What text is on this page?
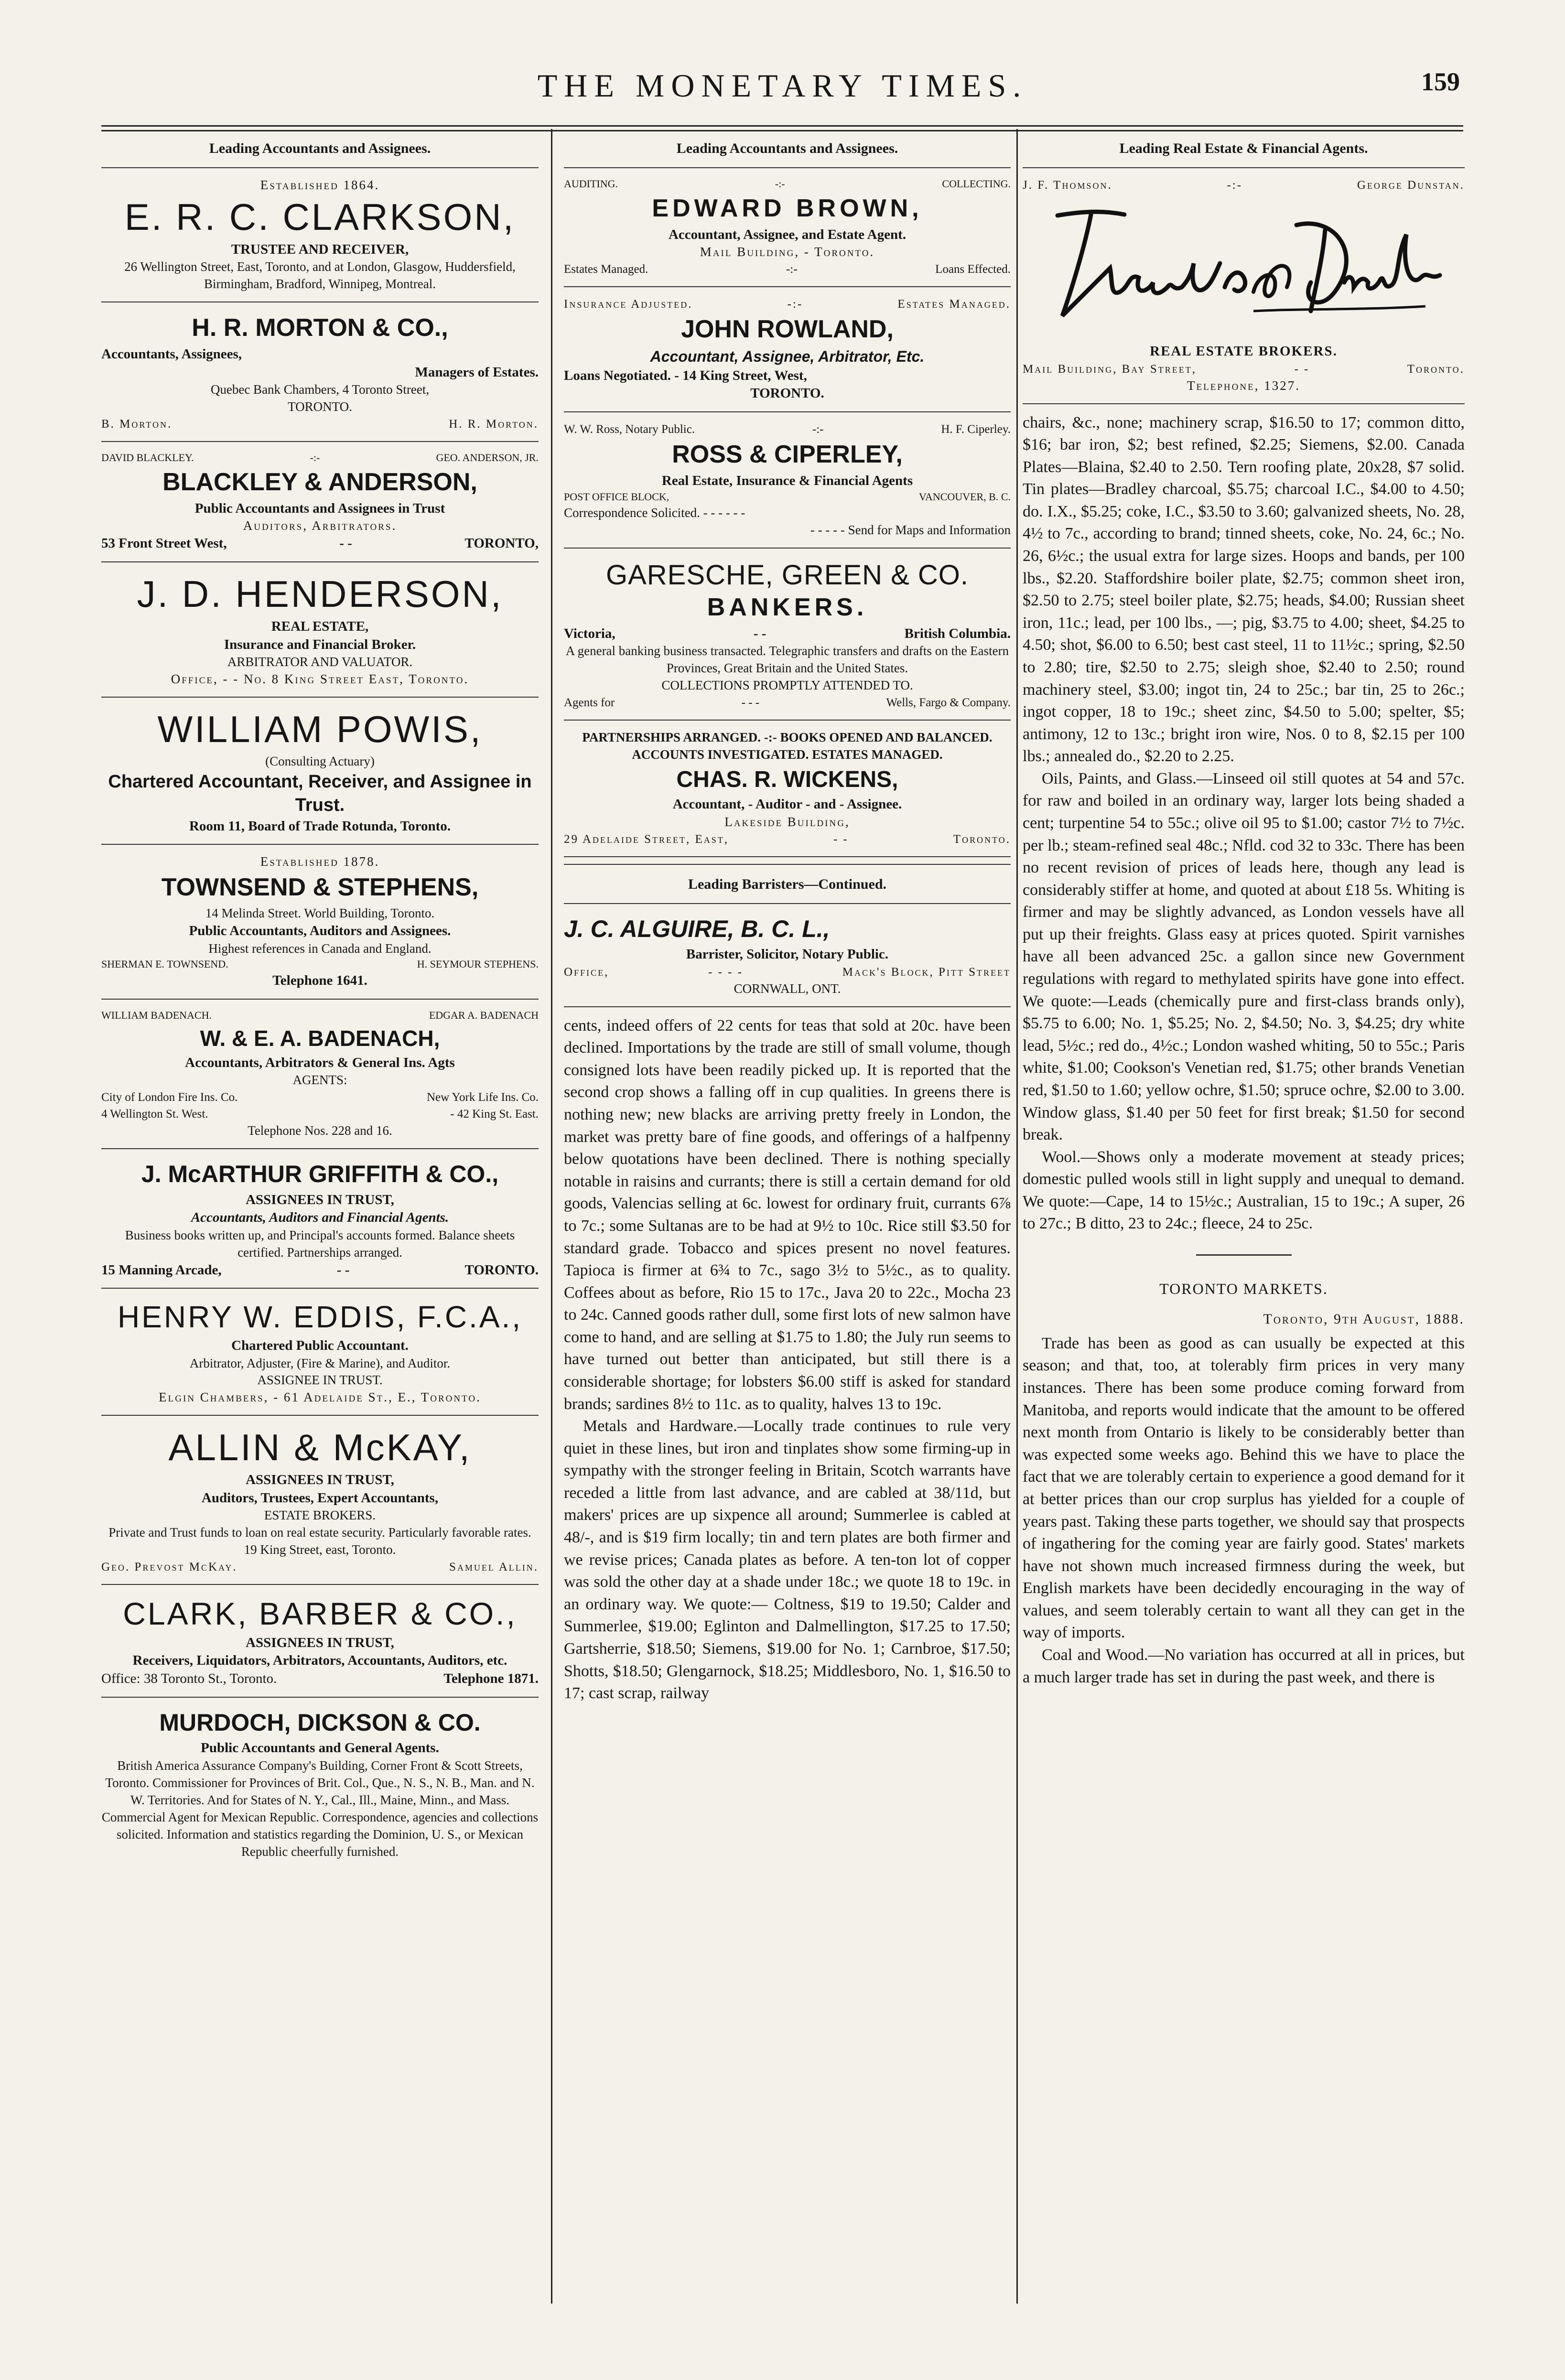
THE MONETARY TIMES.	159
Leading Accountants and Assignees.
Established 1864.
E. R. C. CLARKSON,
TRUSTEE AND RECEIVER,
26 Wellington Street, East, Toronto, and at London, Glasgow, Huddersfield, Birmingham, Bradford, Winnipeg, Montreal.
H. R. MORTON & CO.,
Accountants, Assignees,
Managers of Estates.
Quebec Bank Chambers, 4 Toronto Street,
TORONTO.
B. Morton.	H. R. Morton.
DAVID BLACKLEY.	-:-	GEO. ANDERSON, JR.
BLACKLEY & ANDERSON,
Public Accountants and Assignees in Trust
Auditors, Arbitrators.
53 Front Street West,	- -	TORONTO,
J. D. HENDERSON,
REAL ESTATE,
Insurance and Financial Broker.
ARBITRATOR AND VALUATOR.
Office, - - No. 8 King Street East, Toronto.
WILLIAM POWIS,
(Consulting Actuary)
Chartered Accountant, Receiver, and Assignee in Trust.
Room 11, Board of Trade Rotunda, Toronto.
Established 1878.
TOWNSEND & STEPHENS,
14 Melinda Street. World Building, Toronto.
Public Accountants, Auditors and Assignees.
Highest references in Canada and England.
SHERMAN E. TOWNSEND.	H. SEYMOUR STEPHENS.
Telephone 1641.
WILLIAM BADENACH.	EDGAR A. BADENACH
W. & E. A. BADENACH,
Accountants, Arbitrators & General Ins. Agts
AGENTS:
City of London Fire Ins. Co.	New York Life Ins. Co.
4 Wellington St. West.	- 42 King St. East.
Telephone Nos. 228 and 16.
J. McARTHUR GRIFFITH & CO.,
ASSIGNEES IN TRUST,
Accountants, Auditors and Financial Agents.
Business books written up, and Principal's accounts formed. Balance sheets certified. Partnerships arranged.
15 Manning Arcade,	- -	TORONTO.
HENRY W. EDDIS, F.C.A.,
Chartered Public Accountant.
Arbitrator, Adjuster, (Fire & Marine), and Auditor.
ASSIGNEE IN TRUST.
Elgin Chambers, - 61 Adelaide St., E., Toronto.
ALLIN & McKAY,
ASSIGNEES IN TRUST,
Auditors, Trustees, Expert Accountants,
ESTATE BROKERS.
Private and Trust funds to loan on real estate security. Particularly favorable rates. 19 King Street, east, Toronto.
Geo. Prevost McKay.	Samuel Allin.
CLARK, BARBER & CO.,
ASSIGNEES IN TRUST,
Receivers, Liquidators, Arbitrators, Accountants, Auditors, etc.
Office: 38 Toronto St., Toronto.	Telephone 1871.
MURDOCH, DICKSON & CO.
Public Accountants and General Agents.
British America Assurance Company's Building, Corner Front & Scott Streets, Toronto. Commissioner for Provinces of Brit. Col., Que., N. S., N. B., Man. and N. W. Territories. And for States of N. Y., Cal., Ill., Maine, Minn., and Mass. Commercial Agent for Mexican Republic. Correspondence, agencies and collections solicited. Information and statistics regarding the Dominion, U. S., or Mexican Republic cheerfully furnished.
Leading Accountants and Assignees.
AUDITING.	-:-	COLLECTING.
EDWARD BROWN,
Accountant, Assignee, and Estate Agent.
Mail Building, - Toronto.
Estates Managed.	-:-	Loans Effected.
Insurance Adjusted.	-:-	Estates Managed.
JOHN ROWLAND,
Accountant, Assignee, Arbitrator, Etc.
Loans Negotiated. - 14 King Street, West,
TORONTO.
W. W. Ross, Notary Public.	-:-	H. F. Ciperley.
ROSS & CIPERLEY,
Real Estate, Insurance & Financial Agents
POST OFFICE BLOCK,	VANCOUVER, B. C.
Correspondence Solicited. - - - - - -
- - - - - Send for Maps and Information
GARESCHE, GREEN & CO.
BANKERS.
Victoria,	- -	British Columbia.
A general banking business transacted. Telegraphic transfers and drafts on the Eastern Provinces, Great Britain and the United States.
COLLECTIONS PROMPTLY ATTENDED TO.
Agents for	- - -	Wells, Fargo & Company.
PARTNERSHIPS ARRANGED. -:- BOOKS OPENED AND BALANCED. ACCOUNTS INVESTIGATED. ESTATES MANAGED.
CHAS. R. WICKENS,
Accountant, - Auditor - and - Assignee.
Lakeside Building,
29 Adelaide Street, East,	- -	Toronto.
Leading Barristers—Continued.
J. C. ALGUIRE, B. C. L.,
Barrister, Solicitor, Notary Public.
Office,	- - - -	Mack's Block, Pitt Street
CORNWALL, ONT.

cents, indeed offers of 22 cents for teas that sold at 20c. have been declined. Importations by the trade are still of small volume, though consigned lots have been readily picked up. It is reported that the second crop shows a falling off in cup qualities. In greens there is nothing new; new blacks are arriving pretty freely in London, the market was pretty bare of fine goods, and offerings of a halfpenny below quotations have been declined. There is nothing specially notable in raisins and currants; there is still a certain demand for old goods, Valencias selling at 6c. lowest for ordinary fruit, currants 6⅞ to 7c.; some Sultanas are to be had at 9½ to 10c. Rice still $3.50 for standard grade. Tobacco and spices present no novel features. Tapioca is firmer at 6¾ to 7c., sago 3½ to 5½c., as to quality. Coffees about as before, Rio 15 to 17c., Java 20 to 22c., Mocha 23 to 24c. Canned goods rather dull, some first lots of new salmon have come to hand, and are selling at $1.75 to 1.80; the July run seems to have turned out better than anticipated, but still there is a considerable shortage; for lobsters $6.00 stiff is asked for standard brands; sardines 8½ to 11c. as to quality, halves 13 to 19c.

Metals and Hardware.—Locally trade continues to rule very quiet in these lines, but iron and tinplates show some firming-up in sympathy with the stronger feeling in Britain, Scotch warrants have receded a little from last advance, and are cabled at 38/11d, but makers' prices are up sixpence all around; Summerlee is cabled at 48/-, and is $19 firm locally; tin and tern plates are both firmer and we revise prices; Canada plates as before. A ten-ton lot of copper was sold the other day at a shade under 18c.; we quote 18 to 19c. in an ordinary way. We quote:— Coltness, $19 to 19.50; Calder and Summerlee, $19.00; Eglinton and Dalmellington, $17.25 to 17.50; Gartsherrie, $18.50; Siemens, $19.00 for No. 1; Carnbroe, $17.50; Shotts, $18.50; Glengarnock, $18.25; Middlesboro, No. 1, $16.50 to 17; cast scrap, railway

Leading Real Estate & Financial Agents.
J. F. Thomson.	-:-	George Dunstan.
REAL ESTATE BROKERS.
Mail Building, Bay Street,	- -	Toronto.
Telephone, 1327.

chairs, &c., none; machinery scrap, $16.50 to 17; common ditto, $16; bar iron, $2; best refined, $2.25; Siemens, $2.00. Canada Plates—Blaina, $2.40 to 2.50. Tern roofing plate, 20x28, $7 solid. Tin plates—Bradley charcoal, $5.75; charcoal I.C., $4.00 to 4.50; do. I.X., $5.25; coke, I.C., $3.50 to 3.60; galvanized sheets, No. 28, 4½ to 7c., according to brand; tinned sheets, coke, No. 24, 6c.; No. 26, 6½c.; the usual extra for large sizes. Hoops and bands, per 100 lbs., $2.20. Staffordshire boiler plate, $2.75; common sheet iron, $2.50 to 2.75; steel boiler plate, $2.75; heads, $4.00; Russian sheet iron, 11c.; lead, per 100 lbs., —; pig, $3.75 to 4.00; sheet, $4.25 to 4.50; shot, $6.00 to 6.50; best cast steel, 11 to 11½c.; spring, $2.50 to 2.80; tire, $2.50 to 2.75; sleigh shoe, $2.40 to 2.50; round machinery steel, $3.00; ingot tin, 24 to 25c.; bar tin, 25 to 26c.; ingot copper, 18 to 19c.; sheet zinc, $4.50 to 5.00; spelter, $5; antimony, 12 to 13c.; bright iron wire, Nos. 0 to 8, $2.15 per 100 lbs.; annealed do., $2.20 to 2.25.

Oils, Paints, and Glass.—Linseed oil still quotes at 54 and 57c. for raw and boiled in an ordinary way, larger lots being shaded a cent; turpentine 54 to 55c.; olive oil 95 to $1.00; castor 7½ to 7½c. per lb.; steam-refined seal 48c.; Nfld. cod 32 to 33c. There has been no recent revision of prices of leads here, though any lead is considerably stiffer at home, and quoted at about £18 5s. Whiting is firmer and may be slightly advanced, as London vessels have all put up their freights. Glass easy at prices quoted. Spirit varnishes have all been advanced 25c. a gallon since new Government regulations with regard to methylated spirits have gone into effect. We quote:—Leads (chemically pure and first-class brands only), $5.75 to 6.00; No. 1, $5.25; No. 2, $4.50; No. 3, $4.25; dry white lead, 5½c.; red do., 4½c.; London washed whiting, 50 to 55c.; Paris white, $1.00; Cookson's Venetian red, $1.75; other brands Venetian red, $1.50 to 1.60; yellow ochre, $1.50; spruce ochre, $2.00 to 3.00. Window glass, $1.40 per 50 feet for first break; $1.50 for second break.

Wool.—Shows only a moderate movement at steady prices; domestic pulled wools still in light supply and unequal to demand. We quote:—Cape, 14 to 15½c.; Australian, 15 to 19c.; A super, 26 to 27c.; B ditto, 23 to 24c.; fleece, 24 to 25c.

TORONTO MARKETS.
Toronto, 9th August, 1888.

Trade has been as good as can usually be expected at this season; and that, too, at tolerably firm prices in very many instances. There has been some produce coming forward from Manitoba, and reports would indicate that the amount to be offered next month from Ontario is likely to be considerably better than was expected some weeks ago. Behind this we have to place the fact that we are tolerably certain to experience a good demand for it at better prices than our crop surplus has yielded for a couple of years past. Taking these parts together, we should say that prospects of ingathering for the coming year are fairly good. States' markets have not shown much increased firmness during the week, but English markets have been decidedly encouraging in the way of values, and seem tolerably certain to want all they can get in the way of imports.

Coal and Wood.—No variation has occurred at all in prices, but a much larger trade has set in during the past week, and there is
